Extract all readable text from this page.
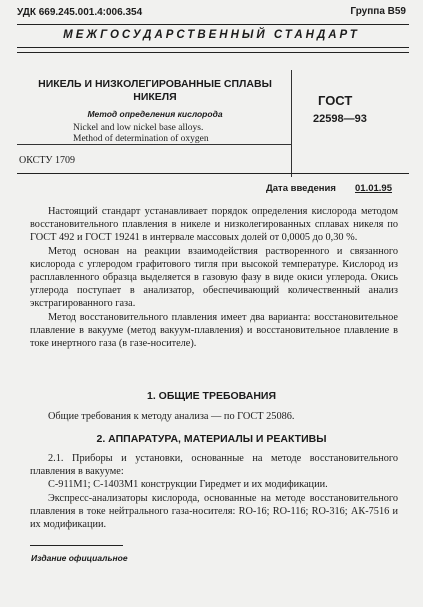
УДК 669.245.001.4:006.354	Группа В59
МЕЖГОСУДАРСТВЕННЫЙ СТАНДАРТ
НИКЕЛЬ И НИЗКОЛЕГИРОВАННЫЕ СПЛАВЫ
НИКЕЛЯ
Метод определения кислорода
Nickel and low nickel base alloys.
Method of determination of oxygen
ГОСТ
22598—93
ОКСТУ 1709
Дата введения 01.01.95

Настоящий стандарт устанавливает порядок определения кислорода методом восстановительного плавления в никеле и низколегированных сплавах никеля по ГОСТ 492 и ГОСТ 19241 в интервале массовых долей от 0,0005 до 0,30 %.

Метод основан на реакции взаимодействия растворенного и связанного кислорода с углеродом графитового тигля при высокой температуре. Кислород из расплавленного образца выделяется в газовую фазу в виде окиси углерода. Окись углерода поступает в анализатор, обеспечивающий количественный анализ экстрагированного газа.

Метод восстановительного плавления имеет два варианта: восстановительное плавление в вакууме (метод вакуум-плавления) и восстановительное плавление в токе инертного газа (в газе-носителе).

1. ОБЩИЕ ТРЕБОВАНИЯ

Общие требования к методу анализа — по ГОСТ 25086.

2. АППАРАТУРА, МАТЕРИАЛЫ И РЕАКТИВЫ

2.1. Приборы и установки, основанные на методе восстановительного плавления в вакууме:

С-911М1; С-1403М1 конструкции Гиредмет и их модификации.

Экспресс-анализаторы кислорода, основанные на методе восстановительного плавления в токе нейтрального газа-носителя: RO-16; RO-116; RO-316; АК-7516 и их модификации.

Издание официальное
